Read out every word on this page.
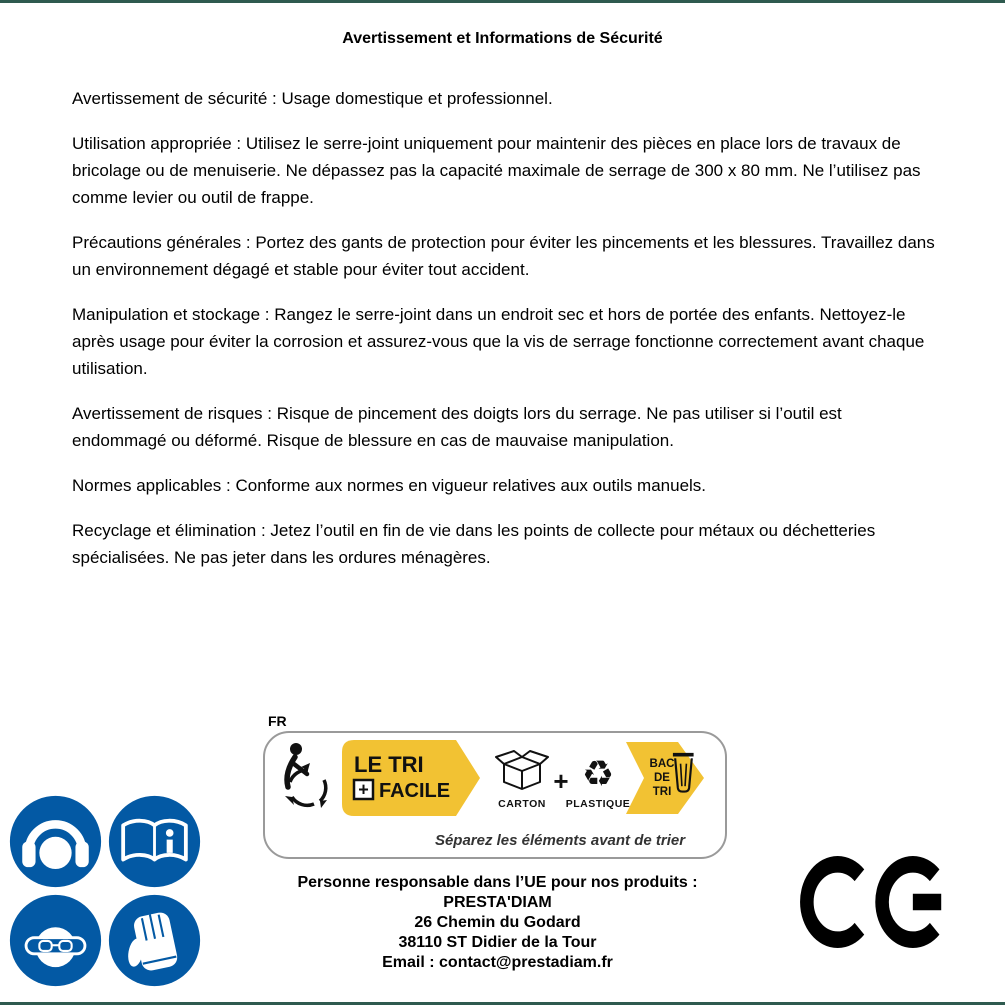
Avertissement et Informations de Sécurité

Avertissement de sécurité : Usage domestique et professionnel.

Utilisation appropriée : Utilisez le serre-joint uniquement pour maintenir des pièces en place lors de travaux de bricolage ou de menuiserie. Ne dépassez pas la capacité maximale de serrage de 300 x 80 mm. Ne l’utilisez pas comme levier ou outil de frappe.

Précautions générales : Portez des gants de protection pour éviter les pincements et les blessures. Travaillez dans un environnement dégagé et stable pour éviter tout accident.

Manipulation et stockage : Rangez le serre-joint dans un endroit sec et hors de portée des enfants. Nettoyez-le après usage pour éviter la corrosion et assurez-vous que la vis de serrage fonctionne correctement avant chaque utilisation.

Avertissement de risques : Risque de pincement des doigts lors du serrage. Ne pas utiliser si l’outil est endommagé ou déformé. Risque de blessure en cas de mauvaise manipulation.

Normes applicables : Conforme aux normes en vigueur relatives aux outils manuels.

Recyclage et élimination : Jetez l’outil en fin de vie dans les points de collecte pour métaux ou déchetteries spécialisées. Ne pas jeter dans les ordures ménagères.

FR
LE TRI
+ FACILE
CARTON
+ ♻
PLASTIQUE
BAC
DE
TRI
Séparez les éléments avant de trier
Personne responsable dans l’UE pour nos produits :
PRESTA'DIAM
26 Chemin du Godard
38110 ST Didier de la Tour
Email : contact@prestadiam.fr
